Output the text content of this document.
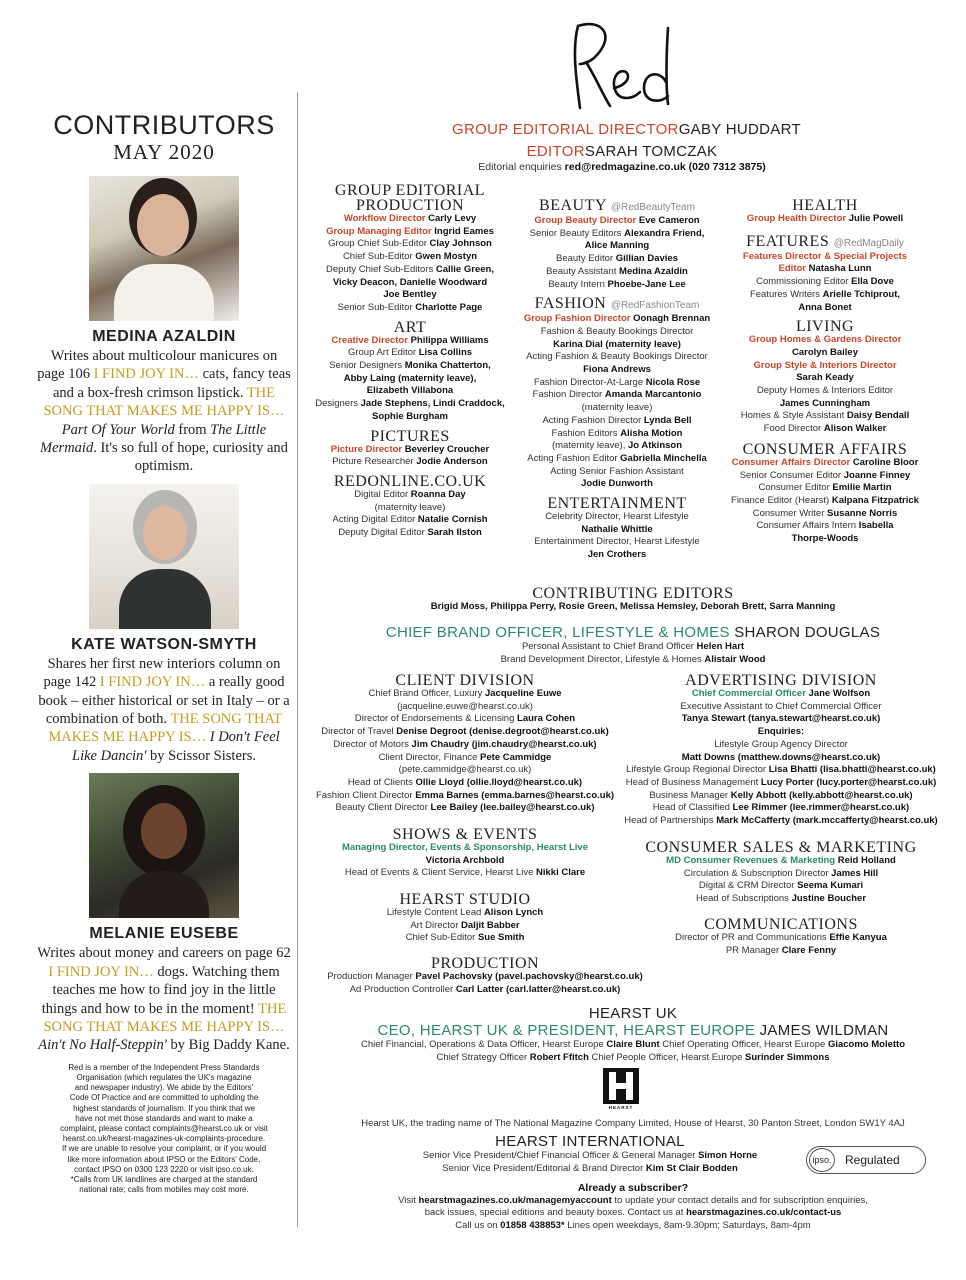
CONTRIBUTORS
MAY 2020
MEDINA AZALDIN
Writes about multicolour manicures on page 106 I FIND JOY IN… cats, fancy teas and a box-fresh crimson lipstick. THE SONG THAT MAKES ME HAPPY IS… Part Of Your World from The Little Mermaid. It's so full of hope, curiosity and optimism.
KATE WATSON-SMYTH
Shares her first new interiors column on page 142 I FIND JOY IN… a really good book – either historical or set in Italy – or a combination of both. THE SONG THAT MAKES ME HAPPY IS… I Don't Feel Like Dancin' by Scissor Sisters.
MELANIE EUSEBE
Writes about money and careers on page 62 I FIND JOY IN… dogs. Watching them teaches me how to find joy in the little things and how to be in the moment! THE SONG THAT MAKES ME HAPPY IS… Ain't No Half-Steppin' by Big Daddy Kane.
Red is a member of the Independent Press Standards
Organisation (which regulates the UK's magazine
and newspaper industry). We abide by the Editors'
Code Of Practice and are committed to upholding the
highest standards of journalism. If you think that we
have not met those standards and want to make a
complaint, please contact complaints@hearst.co.uk or visit
hearst.co.uk/hearst-magazines-uk-complaints-procedure.
If we are unable to resolve your complaint, or if you would
like more information about IPSO or the Editors' Code,
contact IPSO on 0300 123 2220 or visit ipso.co.uk.
*Calls from UK landlines are charged at the standard
national rate; calls from mobiles may cost more.
GROUP EDITORIAL DIRECTORGABY HUDDART
EDITORSARAH TOMCZAK
Editorial enquiries red@redmagazine.co.uk (020 7312 3875)
GROUP EDITORIAL
PRODUCTION
Workflow Director Carly Levy
Group Managing Editor Ingrid Eames
Group Chief Sub-Editor Clay Johnson
Chief Sub-Editor Gwen Mostyn
Deputy Chief Sub-Editors Callie Green,
Vicky Deacon, Danielle Woodward
Joe Bentley
Senior Sub-Editor Charlotte Page
ART
Creative Director Philippa Williams
Group Art Editor Lisa Collins
Senior Designers Monika Chatterton,
Abby Laing (maternity leave),
Elizabeth Villabona
Designers Jade Stephens, Lindi Craddock,
Sophie Burgham
PICTURES
Picture Director Beverley Croucher
Picture Researcher Jodie Anderson
REDONLINE.CO.UK
Digital Editor Roanna Day
(maternity leave)
Acting Digital Editor Natalie Cornish
Deputy Digital Editor Sarah Ilston
BEAUTY @RedBeautyTeam
Group Beauty Director Eve Cameron
Senior Beauty Editors Alexandra Friend,
Alice Manning
Beauty Editor Gillian Davies
Beauty Assistant Medina Azaldin
Beauty Intern Phoebe-Jane Lee
FASHION @RedFashionTeam
Group Fashion Director Oonagh Brennan
Fashion & Beauty Bookings Director
Karina Dial (maternity leave)
Acting Fashion & Beauty Bookings Director
Fiona Andrews
Fashion Director-At-Large Nicola Rose
Fashion Director Amanda Marcantonio
(maternity leave)
Acting Fashion Director Lynda Bell
Fashion Editors Alisha Motion
(maternity leave), Jo Atkinson
Acting Fashion Editor Gabriella Minchella
Acting Senior Fashion Assistant
Jodie Dunworth
ENTERTAINMENT
Celebrity Director, Hearst Lifestyle
Nathalie Whittle
Entertainment Director, Hearst Lifestyle
Jen Crothers
HEALTH
Group Health Director Julie Powell
FEATURES @RedMagDaily
Features Director & Special Projects
Editor Natasha Lunn
Commissioning Editor Ella Dove
Features Writers Arielle Tchiprout,
Anna Bonet
LIVING
Group Homes & Gardens Director
Carolyn Bailey
Group Style & Interiors Director
Sarah Keady
Deputy Homes & Interiors Editor
James Cunningham
Homes & Style Assistant Daisy Bendall
Food Director Alison Walker
CONSUMER AFFAIRS
Consumer Affairs Director Caroline Bloor
Senior Consumer Editor Joanne Finney
Consumer Editor Emilie Martin
Finance Editor (Hearst) Kalpana Fitzpatrick
Consumer Writer Susanne Norris
Consumer Affairs Intern Isabella
Thorpe-Woods
CONTRIBUTING EDITORS
Brigid Moss, Philippa Perry, Rosie Green, Melissa Hemsley, Deborah Brett, Sarra Manning
CHIEF BRAND OFFICER, LIFESTYLE & HOMES SHARON DOUGLAS
Personal Assistant to Chief Brand Officer Helen Hart
Brand Development Director, Lifestyle & Homes Alistair Wood
CLIENT DIVISION
Chief Brand Officer, Luxury Jacqueline Euwe
(jacqueline.euwe@hearst.co.uk)
Director of Endorsements & Licensing Laura Cohen
Director of Travel Denise Degroot (denise.degroot@hearst.co.uk)
Director of Motors Jim Chaudry (jim.chaudry@hearst.co.uk)
Client Director, Finance Pete Cammidge
(pete.cammidge@hearst.co.uk)
Head of Clients Ollie Lloyd (ollie.lloyd@hearst.co.uk)
Fashion Client Director Emma Barnes (emma.barnes@hearst.co.uk)
Beauty Client Director Lee Bailey (lee.bailey@hearst.co.uk)
ADVERTISING DIVISION
Chief Commercial Officer Jane Wolfson
Executive Assistant to Chief Commercial Officer
Tanya Stewart (tanya.stewart@hearst.co.uk)
Enquiries:
Lifestyle Group Agency Director
Matt Downs (matthew.downs@hearst.co.uk)
Lifestyle Group Regional Director Lisa Bhatti (lisa.bhatti@hearst.co.uk)
Head of Business Management Lucy Porter (lucy.porter@hearst.co.uk)
Business Manager Kelly Abbott (kelly.abbott@hearst.co.uk)
Head of Classified Lee Rimmer (lee.rimmer@hearst.co.uk)
Head of Partnerships Mark McCafferty (mark.mccafferty@hearst.co.uk)
SHOWS & EVENTS
Managing Director, Events & Sponsorship, Hearst Live
Victoria Archbold
Head of Events & Client Service, Hearst Live Nikki Clare
CONSUMER SALES & MARKETING
MD Consumer Revenues & Marketing Reid Holland
Circulation & Subscription Director James Hill
Digital & CRM Director Seema Kumari
Head of Subscriptions Justine Boucher
HEARST STUDIO
Lifestyle Content Lead Alison Lynch
Art Director Daljit Babber
Chief Sub-Editor Sue Smith
COMMUNICATIONS
Director of PR and Communications Effie Kanyua
PR Manager Clare Fenny
PRODUCTION
Production Manager Pavel Pachovsky (pavel.pachovsky@hearst.co.uk)
Ad Production Controller Carl Latter (carl.latter@hearst.co.uk)
HEARST UK
CEO, HEARST UK & PRESIDENT, HEARST EUROPE JAMES WILDMAN
Chief Financial, Operations & Data Officer, Hearst Europe Claire Blunt Chief Operating Officer, Hearst Europe Giacomo Moletto
Chief Strategy Officer Robert Ffitch Chief People Officer, Hearst Europe Surinder Simmons
HEARST
Hearst UK, the trading name of The National Magazine Company Limited, House of Hearst, 30 Panton Street, London SW1Y 4AJ
HEARST INTERNATIONAL
Senior Vice President/Chief Financial Officer & General Manager Simon Horne
Senior Vice President/Editorial & Brand Director Kim St Clair Bodden
ipso. Regulated
Already a subscriber?
Visit hearstmagazines.co.uk/managemyaccount to update your contact details and for subscription enquiries,
back issues, special editions and beauty boxes. Contact us at hearstmagazines.co.uk/contact-us
Call us on 01858 438853* Lines open weekdays, 8am-9.30pm; Saturdays, 8am-4pm
